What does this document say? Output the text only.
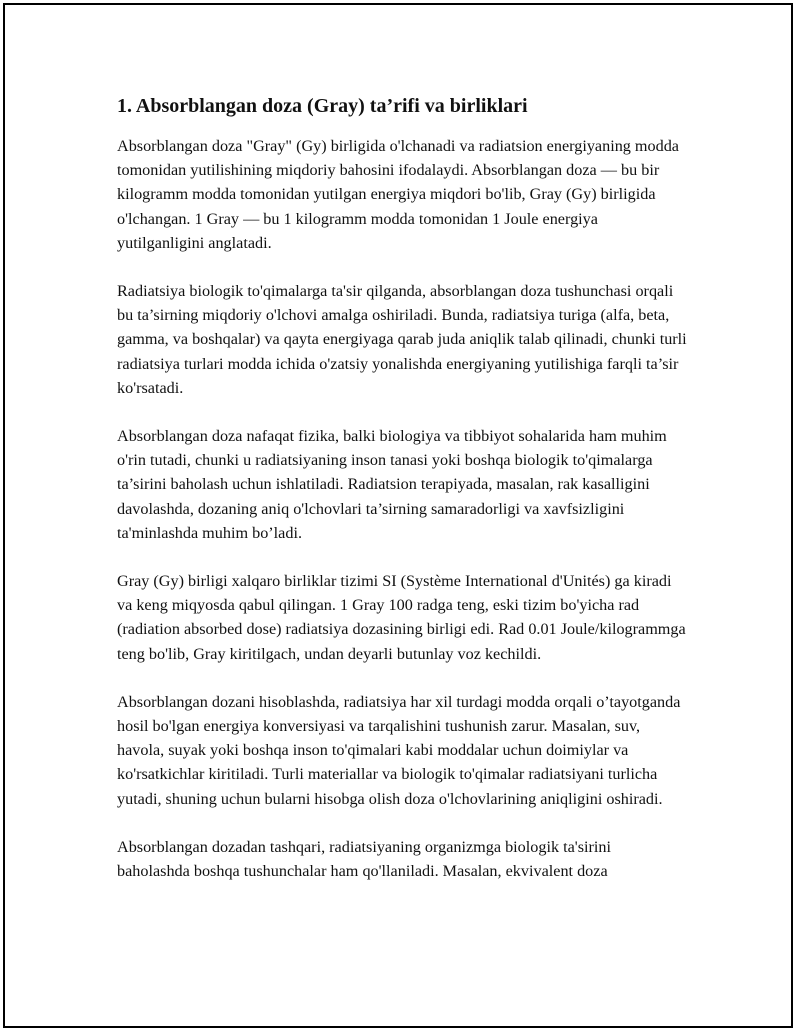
1. Absorblangan doza (Gray) ta’rifi va birliklari

Absorblangan doza "Gray" (Gy) birligida o'lchanadi va radiatsion energiyaning modda tomonidan yutilishining miqdoriy bahosini ifodalaydi. Absorblangan doza — bu bir kilogramm modda tomonidan yutilgan energiya miqdori bo'lib, Gray (Gy) birligida o'lchangan. 1 Gray — bu 1 kilogramm modda tomonidan 1 Joule energiya yutilganligini anglatadi.

Radiatsiya biologik to'qimalarga ta'sir qilganda, absorblangan doza tushunchasi orqali bu ta’sirning miqdoriy o'lchovi amalga oshiriladi. Bunda, radiatsiya turiga (alfa, beta, gamma, va boshqalar) va qayta energiyaga qarab juda aniqlik talab qilinadi, chunki turli radiatsiya turlari modda ichida o'zatsiy yonalishda energiyaning yutilishiga farqli ta’sir ko'rsatadi.

Absorblangan doza nafaqat fizika, balki biologiya va tibbiyot sohalarida ham muhim o'rin tutadi, chunki u radiatsiyaning inson tanasi yoki boshqa biologik to'qimalarga ta’sirini baholash uchun ishlatiladi. Radiatsion terapiyada, masalan, rak kasalligini davolashda, dozaning aniq o'lchovlari ta’sirning samaradorligi va xavfsizligini ta'minlashda muhim bo’ladi.

Gray (Gy) birligi xalqaro birliklar tizimi SI (Système International d'Unités) ga kiradi va keng miqyosda qabul qilingan. 1 Gray 100 radga teng, eski tizim bo'yicha rad (radiation absorbed dose) radiatsiya dozasining birligi edi. Rad 0.01 Joule/kilogrammga teng bo'lib, Gray kiritilgach, undan deyarli butunlay voz kechildi.

Absorblangan dozani hisoblashda, radiatsiya har xil turdagi modda orqali o’tayotganda hosil bo'lgan energiya konversiyasi va tarqalishini tushunish zarur. Masalan, suv, havola, suyak yoki boshqa inson to'qimalari kabi moddalar uchun doimiylar va ko'rsatkichlar kiritiladi. Turli materiallar va biologik to'qimalar radiatsiyani turlicha yutadi, shuning uchun bularni hisobga olish doza o'lchovlarining aniqligini oshiradi.

Absorblangan dozadan tashqari, radiatsiyaning organizmga biologik ta'sirini baholashda boshqa tushunchalar ham qo'llaniladi. Masalan, ekvivalent doza
